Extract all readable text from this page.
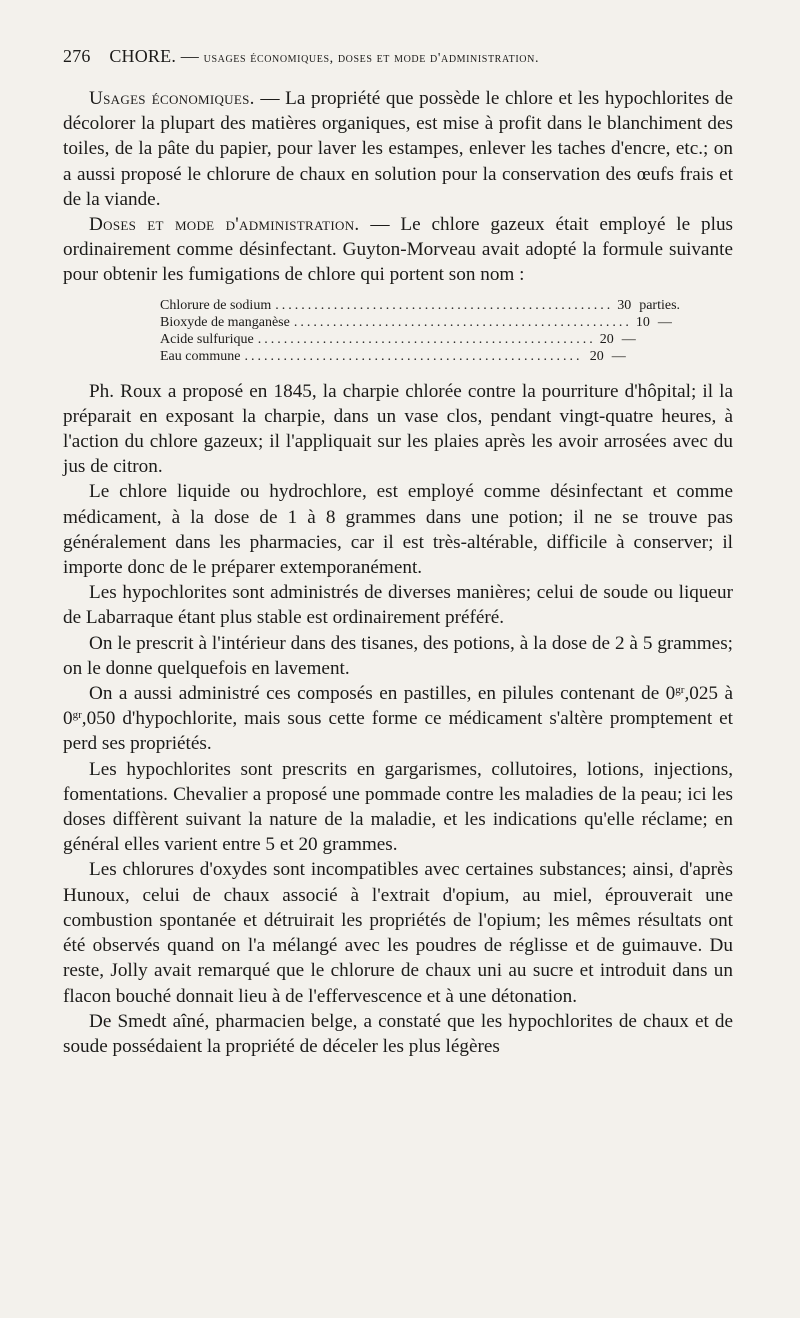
276 CHORE. — usages économiques, doses et mode d'administration.

Usages économiques. — La propriété que possède le chlore et les hypochlorites de décolorer la plupart des matières organiques, est mise à profit dans le blanchiment des toiles, de la pâte du papier, pour laver les estampes, enlever les taches d'encre, etc.; on a aussi proposé le chlorure de chaux en solution pour la conservation des œufs frais et de la viande.

Doses et mode d'administration. — Le chlore gazeux était employé le plus ordinairement comme désinfectant. Guyton-Morveau avait adopté la formule suivante pour obtenir les fumigations de chlore qui portent son nom :

Chlorure de sodium .................................................... 30 parties.
Bioxyde de manganèse .................................................... 10 —
Acide sulfurique .................................................... 20 —
Eau commune .................................................... 20 —

Ph. Roux a proposé en 1845, la charpie chlorée contre la pourriture d'hôpital; il la préparait en exposant la charpie, dans un vase clos, pendant vingt-quatre heures, à l'action du chlore gazeux; il l'appliquait sur les plaies après les avoir arrosées avec du jus de citron.

Le chlore liquide ou hydrochlore, est employé comme désinfectant et comme médicament, à la dose de 1 à 8 grammes dans une potion; il ne se trouve pas généralement dans les pharmacies, car il est très-altérable, difficile à conserver; il importe donc de le préparer extemporanément.

Les hypochlorites sont administrés de diverses manières; celui de soude ou liqueur de Labarraque étant plus stable est ordinairement préféré.

On le prescrit à l'intérieur dans des tisanes, des potions, à la dose de 2 à 5 grammes; on le donne quelquefois en lavement.

On a aussi administré ces composés en pastilles, en pilules contenant de $0^{gr},025$ à $0^{gr},050$ d'hypochlorite, mais sous cette forme ce médicament s'altère promptement et perd ses propriétés.

Les hypochlorites sont prescrits en gargarismes, collutoires, lotions, injections, fomentations. Chevalier a proposé une pommade contre les maladies de la peau; ici les doses diffèrent suivant la nature de la maladie, et les indications qu'elle réclame; en général elles varient entre 5 et 20 grammes.

Les chlorures d'oxydes sont incompatibles avec certaines substances; ainsi, d'après Hunoux, celui de chaux associé à l'extrait d'opium, au miel, éprouverait une combustion spontanée et détruirait les propriétés de l'opium; les mêmes résultats ont été observés quand on l'a mélangé avec les poudres de réglisse et de guimauve. Du reste, Jolly avait remarqué que le chlorure de chaux uni au sucre et introduit dans un flacon bouché donnait lieu à de l'effervescence et à une détonation.

De Smedt aîné, pharmacien belge, a constaté que les hypochlorites de chaux et de soude possédaient la propriété de déceler les plus légères
